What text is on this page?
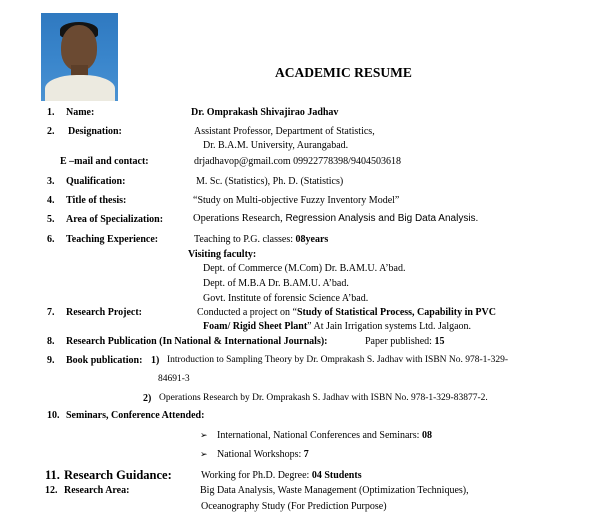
ACADEMIC RESUME
1. Name:	Dr. Omprakash Shivajirao Jadhav
2. Designation:	Assistant Professor, Department of Statistics,
Dr. B.A.M. University, Aurangabad.
E –mail and contact:	drjadhavop@gmail.com 09922778398/9404503618
3. Qualification:	M. Sc. (Statistics), Ph. D. (Statistics)
4. Title of thesis:	“Study on Multi-objective Fuzzy Inventory Model”
5. Area of Specialization:	Operations Research, Regression Analysis and Big Data Analysis.
6. Teaching Experience:	Teaching to P.G. classes: 08years
Visiting faculty:
Dept. of Commerce (M.Com) Dr. B.AM.U. A’bad.
Dept. of M.B.A Dr. B.AM.U. A’bad.
Govt. Institute of forensic Science A’bad.
7. Research Project:	Conducted a project on “Study of Statistical Process, Capability in PVC
Foam/ Rigid Sheet Plant” At Jain Irrigation systems Ltd. Jalgaon.
8. Research Publication (In National & International Journals):	Paper published: 15
9. Book publication: 1) Introduction to Sampling Theory by Dr. Omprakash S. Jadhav with ISBN No. 978-1-329-
84691-3
2) Operations Research by Dr. Omprakash S. Jadhav with ISBN No. 978-1-329-83877-2.
10. Seminars, Conference Attended:
➢ International, National Conferences and Seminars: 08
➢ National Workshops: 7
11. Research Guidance:	Working for Ph.D. Degree: 04 Students
12. Research Area:	Big Data Analysis, Waste Management (Optimization Techniques),
Oceanography Study (For Prediction Purpose)
